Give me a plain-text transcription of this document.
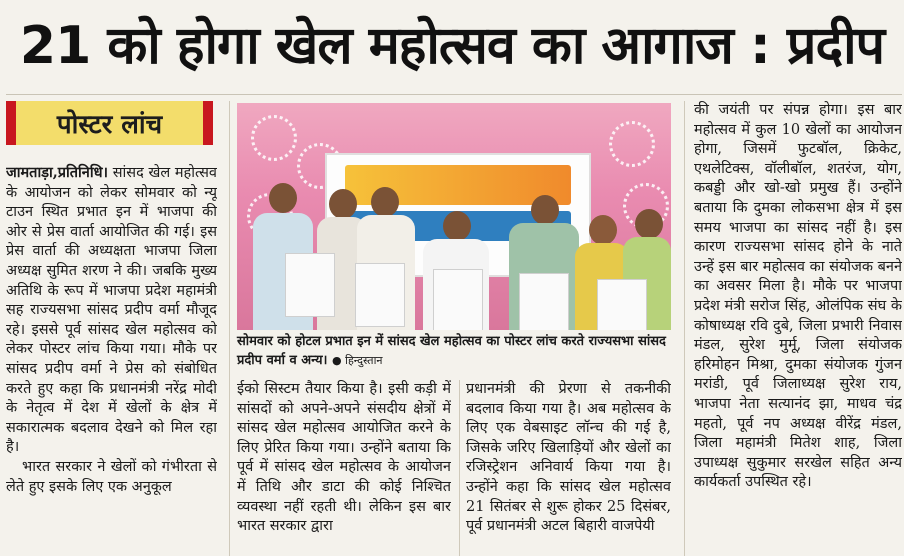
21 को होगा खेल महोत्सव का आगाज : प्रदीप
पोस्टर लांच

जामताड़ा,प्रतिनिधि। सांसद खेल महोत्सव के आयोजन को लेकर सोमवार को न्यू टाउन स्थित प्रभात इन में भाजपा की ओर से प्रेस वार्ता आयोजित की गई। इस प्रेस वार्ता की अध्यक्षता भाजपा जिला अध्यक्ष सुमित शरण ने की। जबकि मुख्य अतिथि के रूप में भाजपा प्रदेश महामंत्री सह राज्यसभा सांसद प्रदीप वर्मा मौजूद रहे। इससे पूर्व सांसद खेल महोत्सव को लेकर पोस्टर लांच किया गया। मौके पर सांसद प्रदीप वर्मा ने प्रेस को संबोधित करते हुए कहा कि प्रधानमंत्री नरेंद्र मोदी के नेतृत्व में देश में खेलों के क्षेत्र में सकारात्मक बदलाव देखने को मिल रहा है।

भारत सरकार ने खेलों को गंभीरता से लेते हुए इसके लिए एक अनुकूल

सोमवार को होटल प्रभात इन में सांसद खेल महोत्सव का पोस्टर लांच करते राज्यसभा सांसद प्रदीप वर्मा व अन्य। ● हिन्दुस्तान

ईको सिस्टम तैयार किया है। इसी कड़ी में सांसदों को अपने-अपने संसदीय क्षेत्रों में सांसद खेल महोत्सव आयोजित करने के लिए प्रेरित किया गया। उन्होंने बताया कि पूर्व में सांसद खेल महोत्सव के आयोजन में तिथि और डाटा की कोई निश्चित व्यवस्था नहीं रहती थी। लेकिन इस बार भारत सरकार द्वारा

प्रधानमंत्री की प्रेरणा से तकनीकी बदलाव किया गया है। अब महोत्सव के लिए एक वेबसाइट लॉन्च की गई है, जिसके जरिए खिलाड़ियों और खेलों का रजिस्ट्रेशन अनिवार्य किया गया है। उन्होंने कहा कि सांसद खेल महोत्सव 21 सितंबर से शुरू होकर 25 दिसंबर, पूर्व प्रधानमंत्री अटल बिहारी वाजपेयी

की जयंती पर संपन्न होगा। इस बार महोत्सव में कुल 10 खेलों का आयोजन होगा, जिसमें फुटबॉल, क्रिकेट, एथलेटिक्स, वॉलीबॉल, शतरंज, योग, कबड्डी और खो-खो प्रमुख हैं। उन्होंने बताया कि दुमका लोकसभा क्षेत्र में इस समय भाजपा का सांसद नहीं है। इस कारण राज्यसभा सांसद होने के नाते उन्हें इस बार महोत्सव का संयोजक बनने का अवसर मिला है। मौके पर भाजपा प्रदेश मंत्री सरोज सिंह, ओलंपिक संघ के कोषाध्यक्ष रवि दुबे, जिला प्रभारी निवास मंडल, सुरेश मुर्मू, जिला संयोजक हरिमोहन मिश्रा, दुमका संयोजक गुंजन मरांडी, पूर्व जिलाध्यक्ष सुरेश राय, भाजपा नेता सत्यानंद झा, माधव चंद्र महतो, पूर्व नप अध्यक्ष वीरेंद्र मंडल, जिला महामंत्री मितेश शाह, जिला उपाध्यक्ष सुकुमार सरखेल सहित अन्य कार्यकर्ता उपस्थित रहे।
